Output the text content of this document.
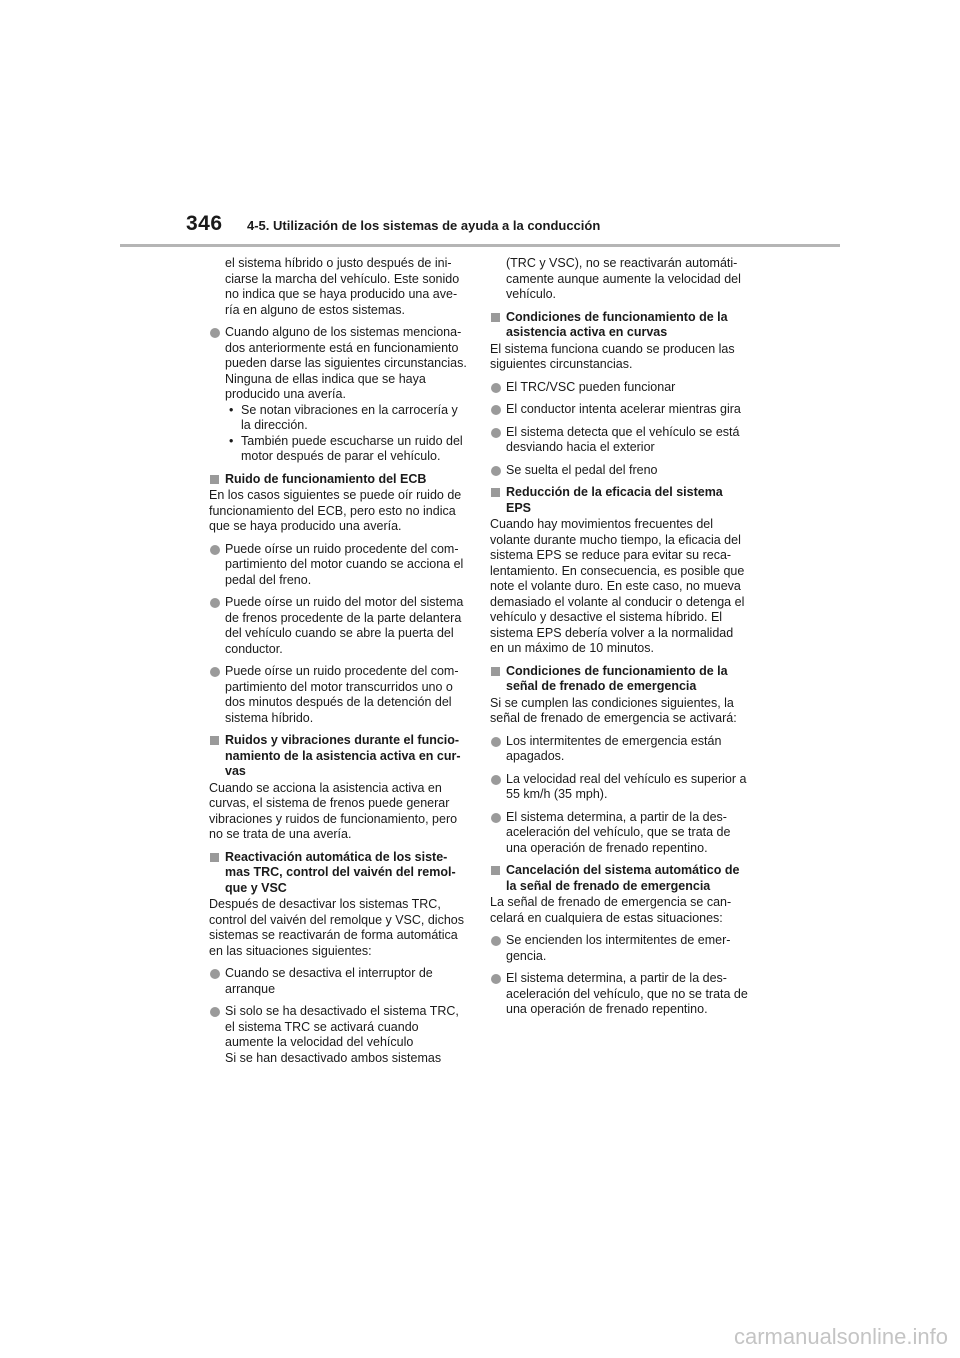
346 4-5. Utilización de los sistemas de ayuda a la conducción

el sistema híbrido o justo después de iniciarse la marcha del vehículo. Este sonido no indica que se haya producido una avería en alguno de estos sistemas.

Cuando alguno de los sistemas mencionados anteriormente está en funcionamiento pueden darse las siguientes circunstancias. Ninguna de ellas indica que se haya producido una avería.
• Se notan vibraciones en la carrocería y la dirección.
• También puede escucharse un ruido del motor después de parar el vehículo.
Ruido de funcionamiento del ECB

En los casos siguientes se puede oír ruido de funcionamiento del ECB, pero esto no indica que se haya producido una avería.

Puede oírse un ruido procedente del compartimiento del motor cuando se acciona el pedal del freno.
Puede oírse un ruido del motor del sistema de frenos procedente de la parte delantera del vehículo cuando se abre la puerta del conductor.
Puede oírse un ruido procedente del compartimiento del motor transcurridos uno o dos minutos después de la detención del sistema híbrido.
Ruidos y vibraciones durante el funcionamiento de la asistencia activa en curvas

Cuando se acciona la asistencia activa en curvas, el sistema de frenos puede generar vibraciones y ruidos de funcionamiento, pero no se trata de una avería.

Reactivación automática de los sistemas TRC, control del vaivén del remolque y VSC

Después de desactivar los sistemas TRC, control del vaivén del remolque y VSC, dichos sistemas se reactivarán de forma automática en las situaciones siguientes:

Cuando se desactiva el interruptor de arranque
Si solo se ha desactivado el sistema TRC, el sistema TRC se activará cuando aumente la velocidad del vehículo
Si se han desactivado ambos sistemas

(TRC y VSC), no se reactivarán automáticamente aunque aumente la velocidad del vehículo.

Condiciones de funcionamiento de la asistencia activa en curvas

El sistema funciona cuando se producen las siguientes circunstancias.

El TRC/VSC pueden funcionar
El conductor intenta acelerar mientras gira
El sistema detecta que el vehículo se está desviando hacia el exterior
Se suelta el pedal del freno
Reducción de la eficacia del sistema EPS

Cuando hay movimientos frecuentes del volante durante mucho tiempo, la eficacia del sistema EPS se reduce para evitar su recalentamiento. En consecuencia, es posible que note el volante duro. En este caso, no mueva demasiado el volante al conducir o detenga el vehículo y desactive el sistema híbrido. El sistema EPS debería volver a la normalidad en un máximo de 10 minutos.

Condiciones de funcionamiento de la señal de frenado de emergencia

Si se cumplen las condiciones siguientes, la señal de frenado de emergencia se activará:

Los intermitentes de emergencia están apagados.
La velocidad real del vehículo es superior a 55 km/h (35 mph).
El sistema determina, a partir de la desaceleración del vehículo, que se trata de una operación de frenado repentino.
Cancelación del sistema automático de la señal de frenado de emergencia

La señal de frenado de emergencia se cancelará en cualquiera de estas situaciones:

Se encienden los intermitentes de emergencia.
El sistema determina, a partir de la desaceleración del vehículo, que no se trata de una operación de frenado repentino.
carmanualsonline.info
